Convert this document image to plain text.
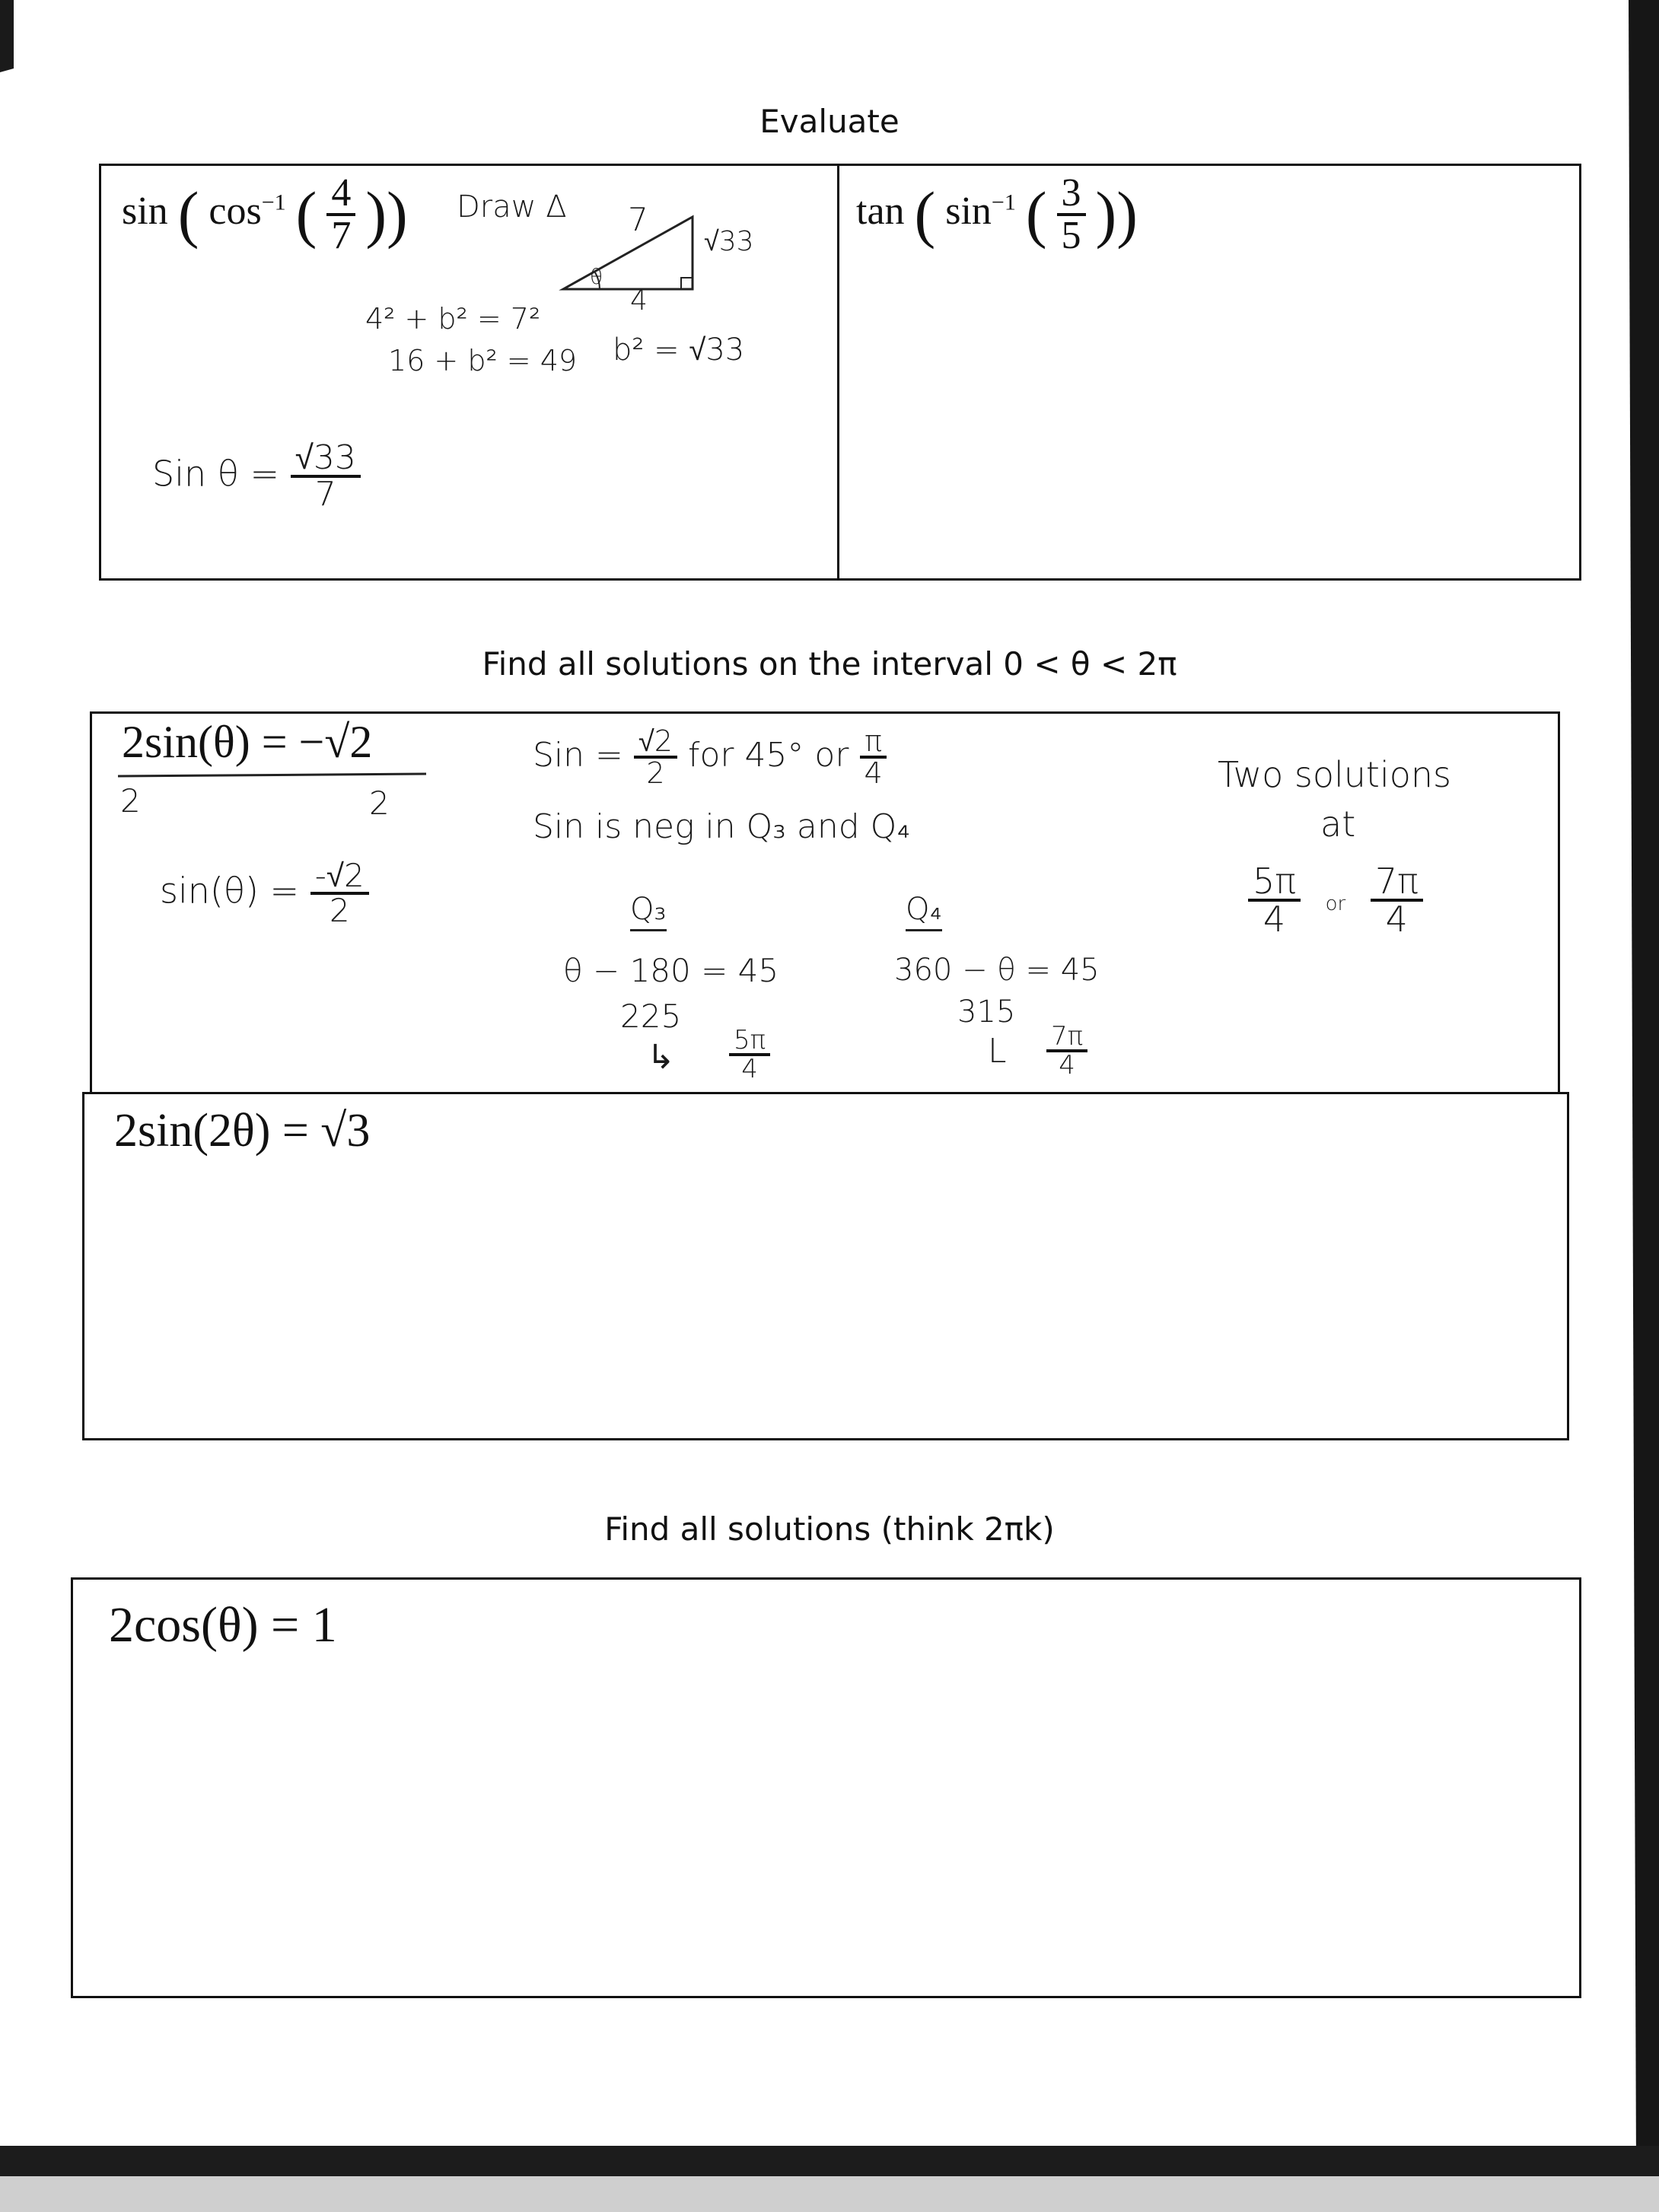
Evaluate
sin ( $\cos^{-1}$ ( $\frac{4}{7}$ )) Draw Δ 7
√33
θ
4
4² + b² = 7²
16 + b² = 49 b² = √33
Sin $\theta = \frac{√33}{7}$
tan ( $\sin^{-1}$ ( $\frac{3}{5}$ ))
Find all solutions on the interval 0 < θ < 2π
2sin(θ) = −√2
2	2
$\sin(\theta) = \frac{-√2}{2}$
Sin = $\frac{√2}{2}$ for 45° or $\frac{\pi}{4}$
Sin is neg in Q₃ and Q₄
Q₃
θ − 180 = 45
225
↳ $\frac{5\pi}{4}$
Q₄
360 − θ = 45
315
L $\frac{7\pi}{4}$
Two solutions
at
$\frac{5\pi}{4}$ or $\frac{7\pi}{4}$
2sin(2θ) = √3
Find all solutions (think 2πk)
2cos(θ) = 1
